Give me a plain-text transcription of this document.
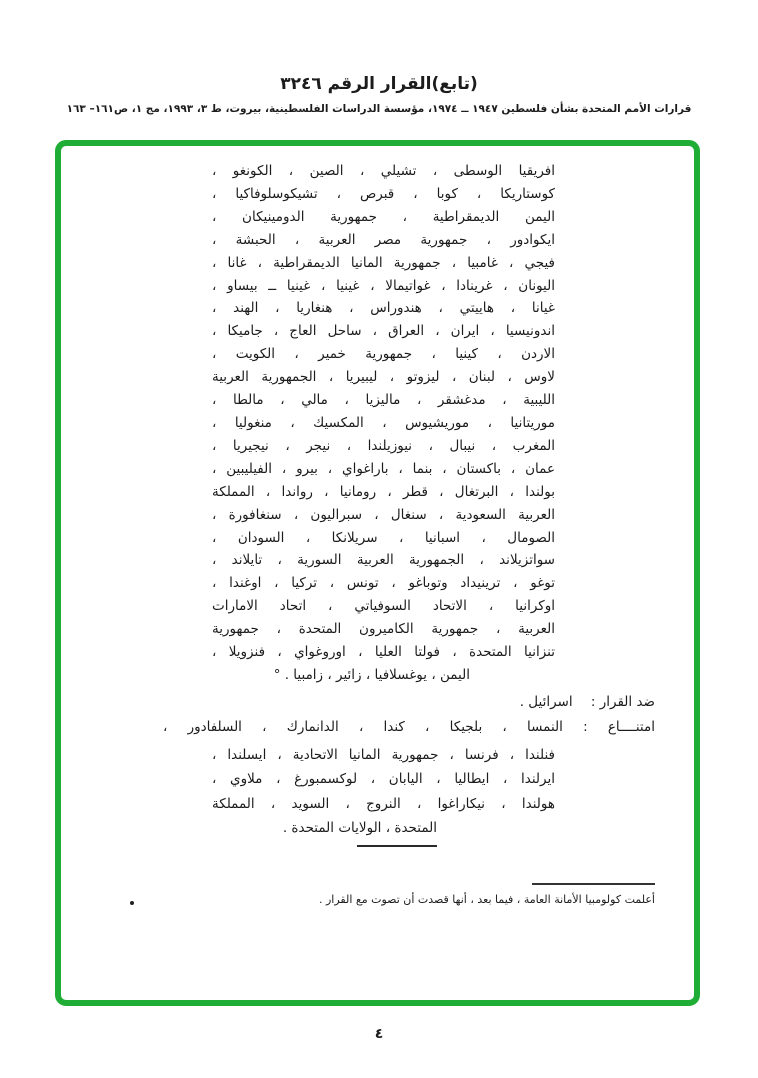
(تابع)القرار الرقم ٣٢٤٦
قرارات الأمم المتحدة بشأن فلسطين ١٩٤٧ ــ ١٩٧٤، مؤسسة الدراسات الفلسطينية، بيروت، ط ٣، ١٩٩٣، مج ١، ص١٦١– ١٦٣
افريقيا الوسطى ، تشيلي ، الصين ، الكونغو ،
كوستاريكا ، كوبا ، قبرص ، تشيكوسلوفاكيا ،
اليمن الديمقراطية ، جمهورية الدومينيكان ،
ايكوادور ، جمهورية مصر العربية ، الحبشة ،
فيجي ، غامبيا ، جمهورية المانيا الديمقراطية ، غانا ،
اليونان ، غرينادا ، غواتيمالا ، غينيا ، غينيا ــ بيساو ،
غيانا ، هاييتي ، هندوراس ، هنغاريا ، الهند ،
اندونيسيا ، ايران ، العراق ، ساحل العاج ، جاميكا ،
الاردن ، كينيا ، جمهورية خمير ، الكويت ،
لاوس ، لبنان ، ليزوتو ، ليبيريا ، الجمهورية العربية
الليبية ، مدغشقر ، ماليزيا ، مالي ، مالطا ،
موريتانيا ، موريشيوس ، المكسيك ، منغوليا ،
المغرب ، نيبال ، نيوزيلندا ، نيجر ، نيجيريا ،
عمان ، باكستان ، بنما ، باراغواي ، بيرو ، الفيليبين ،
بولندا ، البرتغال ، قطر ، رومانيا ، رواندا ، المملكة
العربية السعودية ، سنغال ، سبراليون ، سنغافورة ،
الصومال ، اسبانيا ، سريلانكا ، السودان ،
سواتزيلاند ، الجمهورية العربية السورية ، تايلاند ،
توغو ، ترينيداد وتوباغو ، تونس ، تركيا ، اوغندا ،
اوكرانيا ، الاتحاد السوفياتي ، اتحاد الامارات
العربية ، جمهورية الكاميرون المتحدة ، جمهورية
تنزانيا المتحدة ، فولتا العليا ، اوروغواي ، فنزويلا ،
اليمن ، يوغسلافيا ، زائير ، زامبيا . °
ضد القرار : اسرائيل .
امتنــــاع : النمسا ، بلجيكا ، كندا ، الدانمارك ، السلفادور ،
فنلندا ، فرنسا ، جمهورية المانيا الاتحادية ، ايسلندا ،
ايرلندا ، ايطاليا ، اليابان ، لوكسمبورغ ، ملاوي ،
هولندا ، نيكاراغوا ، النروج ، السويد ، المملكة
المتحدة ، الولايات المتحدة .
أعلمت كولومبيا الأمانة العامة ، فيما بعد ، أنها قصدت أن تصوت مع القرار .
٤
